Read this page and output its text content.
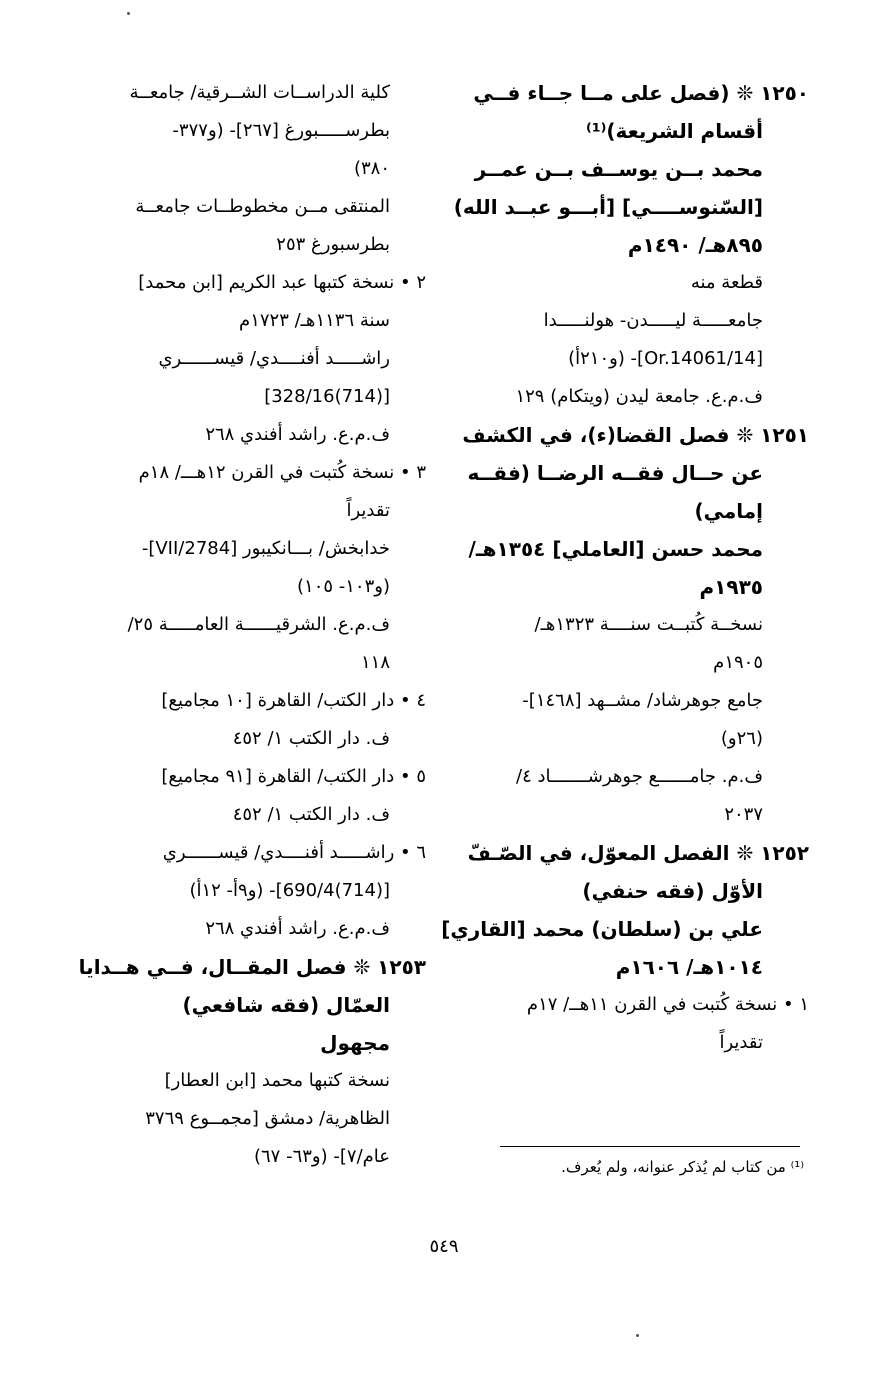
١٢٥٠ ❊ (فصل على مــا جــاء فــي
أقسام الشريعة)⁽¹⁾
محمد بــن يوســف بــن عمــر
[السّنوســــي] [أبـــو عبــد الله)
٨٩٥هـ/ ١٤٩٠م
قطعة منه
جامعـــــة ليـــــدن- هولنـــــدا
[Or.14061/14]- (و٢١٠أ)
ف.م.ع. جامعة ليدن (ويتكام) ١٢٩
١٢٥١ ❊ فصل القضا(ء)، في الكشف
عن حــال فقــه الرضــا (فقــه
إمامي)
محمد حسن [العاملي] ١٣٥٤هـ/
١٩٣٥م
نسخــة كُتبــت سنــــة ١٣٢٣هـ/
١٩٠٥م
جامع جوهرشاد/ مشــهد [١٤٦٨]-
(٢٦و)
ف.م. جامــــــع جوهرشـــــــاد ٤/
٢٠٣٧
١٢٥٢ ❊ الفصل المعوّل، في الصّـفّ
الأوّل (فقه حنفي)
علي بن (سلطان) محمد [القاري]
١٠١٤هـ/ ١٦٠٦م
١ • نسخة كُتبت في القرن ١١هــ/ ١٧م
تقديراً
كلية الدراســات الشــرقية/ جامعــة
بطرســـــبورغ [٢٦٧]- (و٣٧٧-
٣٨٠)
المنتقى مــن مخطوطــات جامعــة
بطرسبورغ ٢٥٣
٢ • نسخة كتبها عبد الكريم [ابن محمد]
سنة ١١٣٦هـ/ ١٧٢٣م
راشـــــد أفنــــدي/ قيســــــري
[(714)328/16]
ف.م.ع. راشد أفندي ٢٦٨
٣ • نسخة كُتبت في القرن ١٢هـــ/ ١٨م
تقديراً
خدابخش/ بـــانكيبور [2784/VII]-
(و١٠٣- ١٠٥)
ف.م.ع. الشرقيــــــة العامـــــة ٢٥/
١١٨
٤ • دار الكتب/ القاهرة [١٠ مجاميع]
ف. دار الكتب ١/ ٤٥٢
٥ • دار الكتب/ القاهرة [٩١ مجاميع]
ف. دار الكتب ١/ ٤٥٢
٦ • راشـــــد أفنــــدي/ قيســــــري
[(714)690/4]- (و٩أ- ١٢أ)
ف.م.ع. راشد أفندي ٢٦٨
١٢٥٣ ❊ فصل المقــال، فــي هــدايا
العمّال (فقه شافعي)
مجهول
نسخة كتبها محمد [ابن العطار]
الظاهرية/ دمشق [مجمــوع ٣٧٦٩
عام/٧]- (و٦٣- ٦٧)	⁽¹⁾ من كتاب لم يُذكر عنوانه، ولم يُعرف.
٥٤٩
